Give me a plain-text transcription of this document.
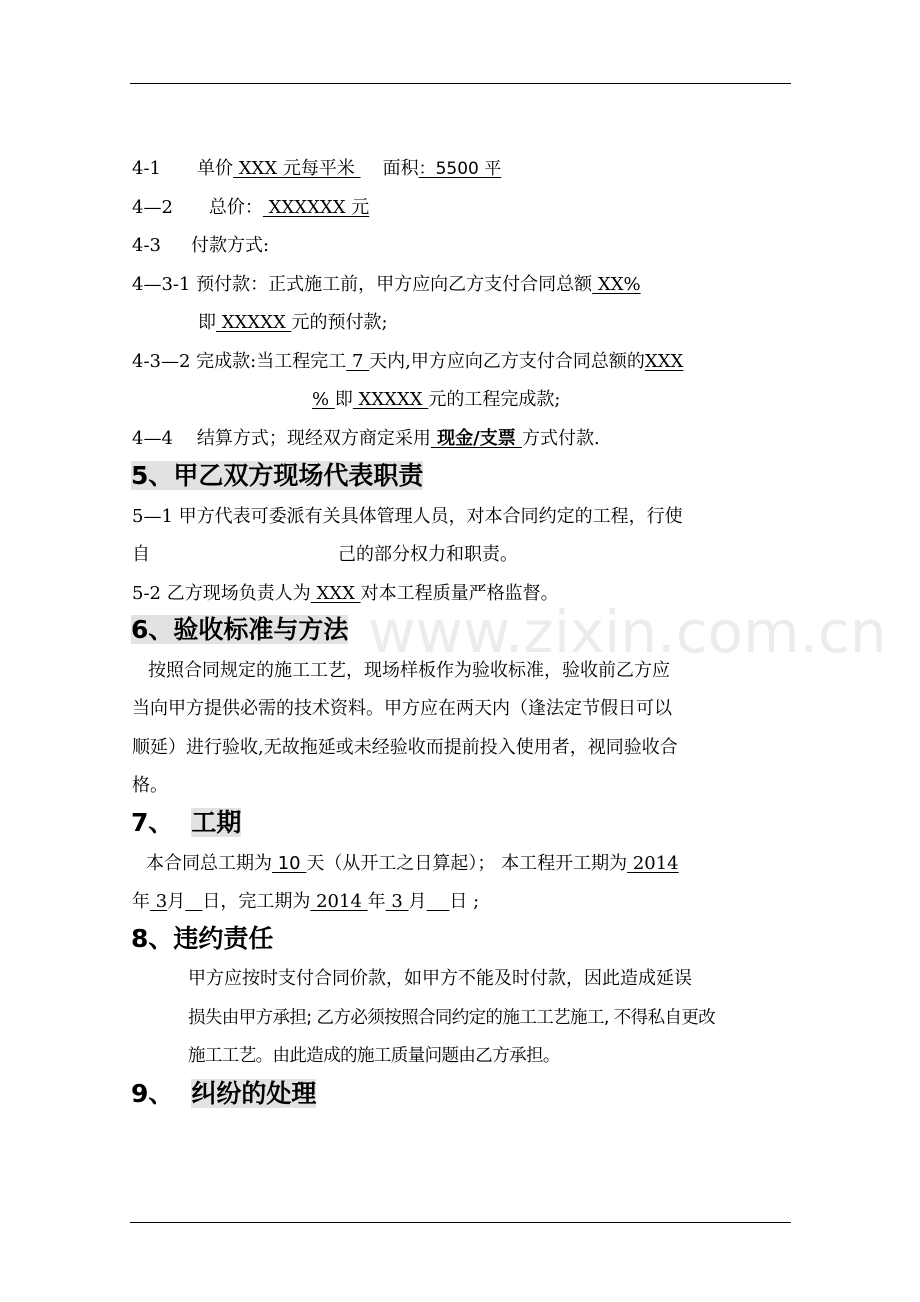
www.zixin.com.cn
4-1 单价 XXX 元每平米 面积：5500 平
4—2 总价： XXXXXX 元
4-3 付款方式:
4—3-1 预付款：正式施工前，甲方应向乙方支付合同总额 XX%
即 XXXXX 元的预付款;
4-3—2 完成款:当工程完工 7 天内,甲方应向乙方支付合同总额的XXX
% 即 XXXXX 元的工程完成款;
4—4 结算方式；现经双方商定采用 现金/支票 方式付款.
5、甲乙双方现场代表职责
5—1 甲方代表可委派有关具体管理人员，对本合同约定的工程，行使
自	己的部分权力和职责。
5-2 乙方现场负责人为 XXX 对本工程质量严格监督。
6、验收标准与方法
按照合同规定的施工工艺，现场样板作为验收标准，验收前乙方应
当向甲方提供必需的技术资料。甲方应在两天内（逢法定节假日可以
顺延）进行验收,无故拖延或未经验收而提前投入使用者，视同验收合
格。
7、 工期
本合同总工期为 10 天（从开工之日算起）； 本工程开工期为 2014
年 3月 日，完工期为 2014 年 3 月 日 ;
8、违约责任
甲方应按时支付合同价款，如甲方不能及时付款，因此造成延误
损失由甲方承担; 乙方必须按照合同约定的施工工艺施工, 不得私自更改
施工工艺。由此造成的施工质量问题由乙方承担。
9、 纠纷的处理
